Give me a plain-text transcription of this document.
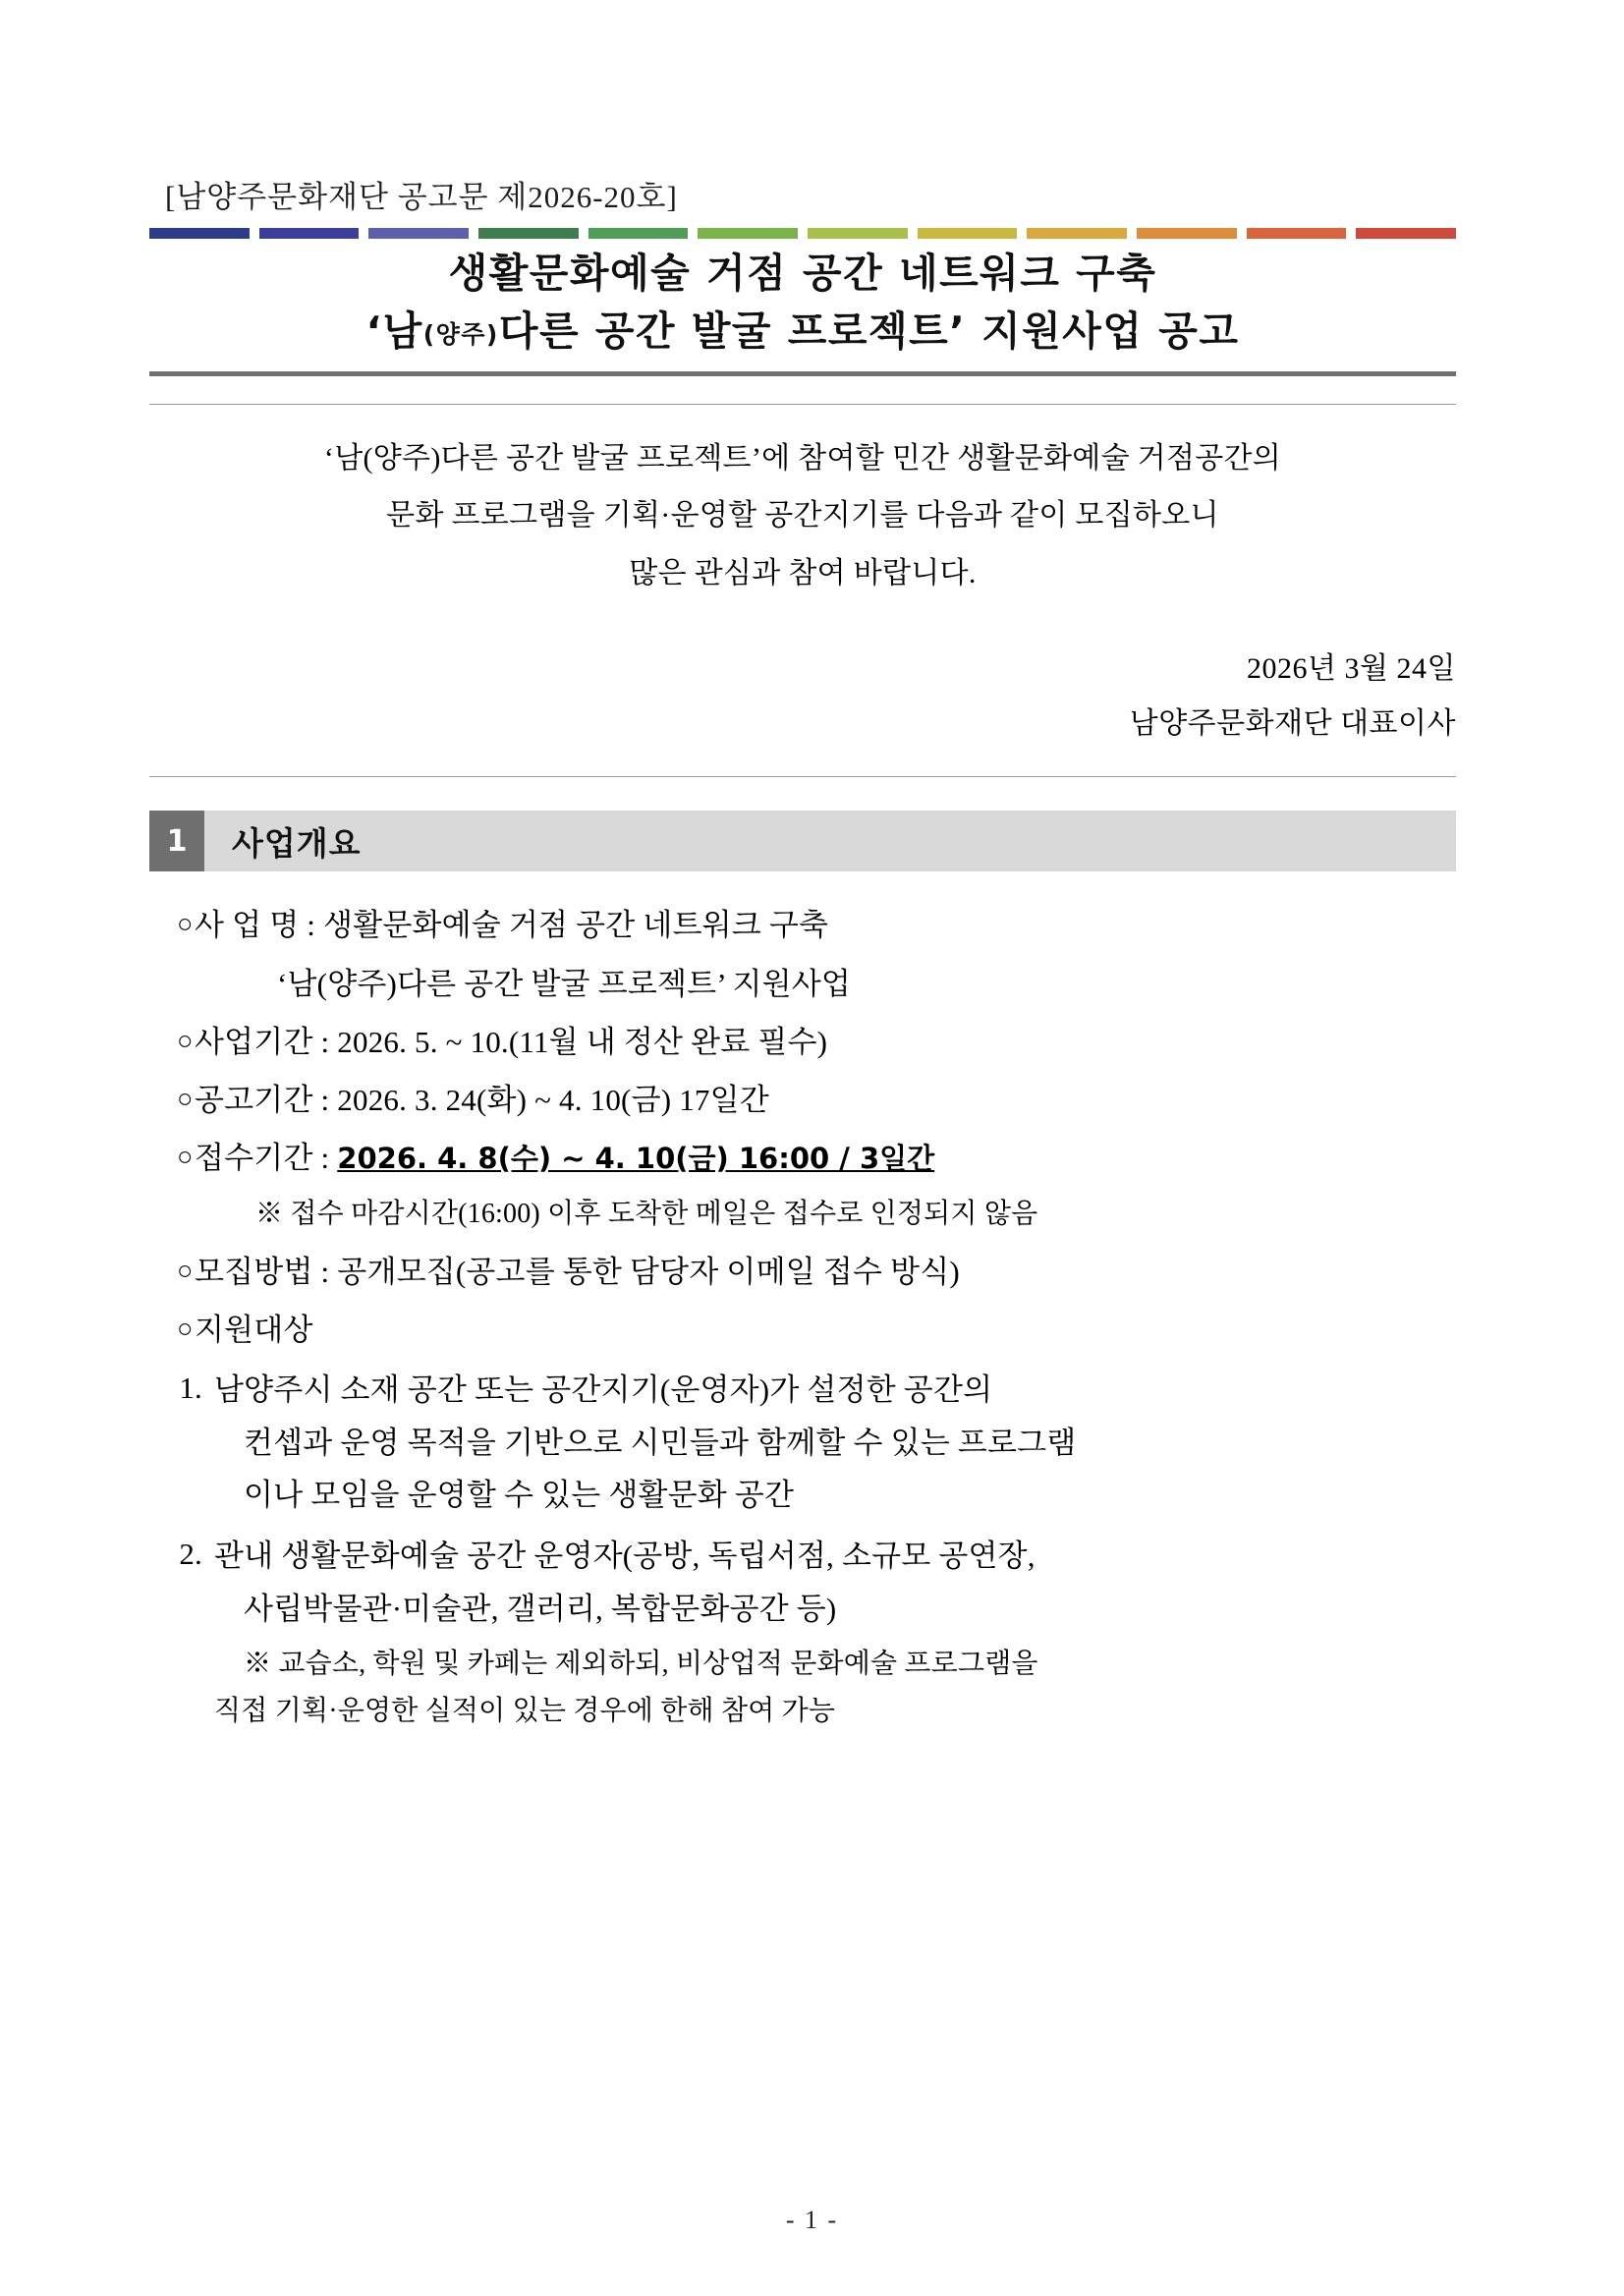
[남양주문화재단 공고문 제2026-20호]
생활문화예술 거점 공간 네트워크 구축
‘남(양주)다른 공간 발굴 프로젝트’ 지원사업 공고
‘남(양주)다른 공간 발굴 프로젝트’에 참여할 민간 생활문화예술 거점공간의
문화 프로그램을 기획·운영할 공간지기를 다음과 같이 모집하오니
많은 관심과 참여 바랍니다.
2026년 3월 24일
남양주문화재단 대표이사
1	사업개요
○ 사 업 명 : 생활문화예술 거점 공간 네트워크 구축
‘남(양주)다른 공간 발굴 프로젝트’ 지원사업
○ 사업기간 : 2026. 5. ~ 10.(11월 내 정산 완료 필수)
○ 공고기간 : 2026. 3. 24(화) ~ 4. 10(금) 17일간
○ 접수기간 : 2026. 4. 8(수) ~ 4. 10(금) 16:00 / 3일간
※ 접수 마감시간(16:00) 이후 도착한 메일은 접수로 인정되지 않음
○ 모집방법 : 공개모집(공고를 통한 담당자 이메일 접수 방식)
○ 지원대상
1. 남양주시 소재 공간 또는 공간지기(운영자)가 설정한 공간의
컨셉과 운영 목적을 기반으로 시민들과 함께할 수 있는 프로그램
이나 모임을 운영할 수 있는 생활문화 공간
2. 관내 생활문화예술 공간 운영자(공방, 독립서점, 소규모 공연장,
사립박물관·미술관, 갤러리, 복합문화공간 등)
※ 교습소, 학원 및 카페는 제외하되, 비상업적 문화예술 프로그램을
직접 기획·운영한 실적이 있는 경우에 한해 참여 가능
- 1 -
